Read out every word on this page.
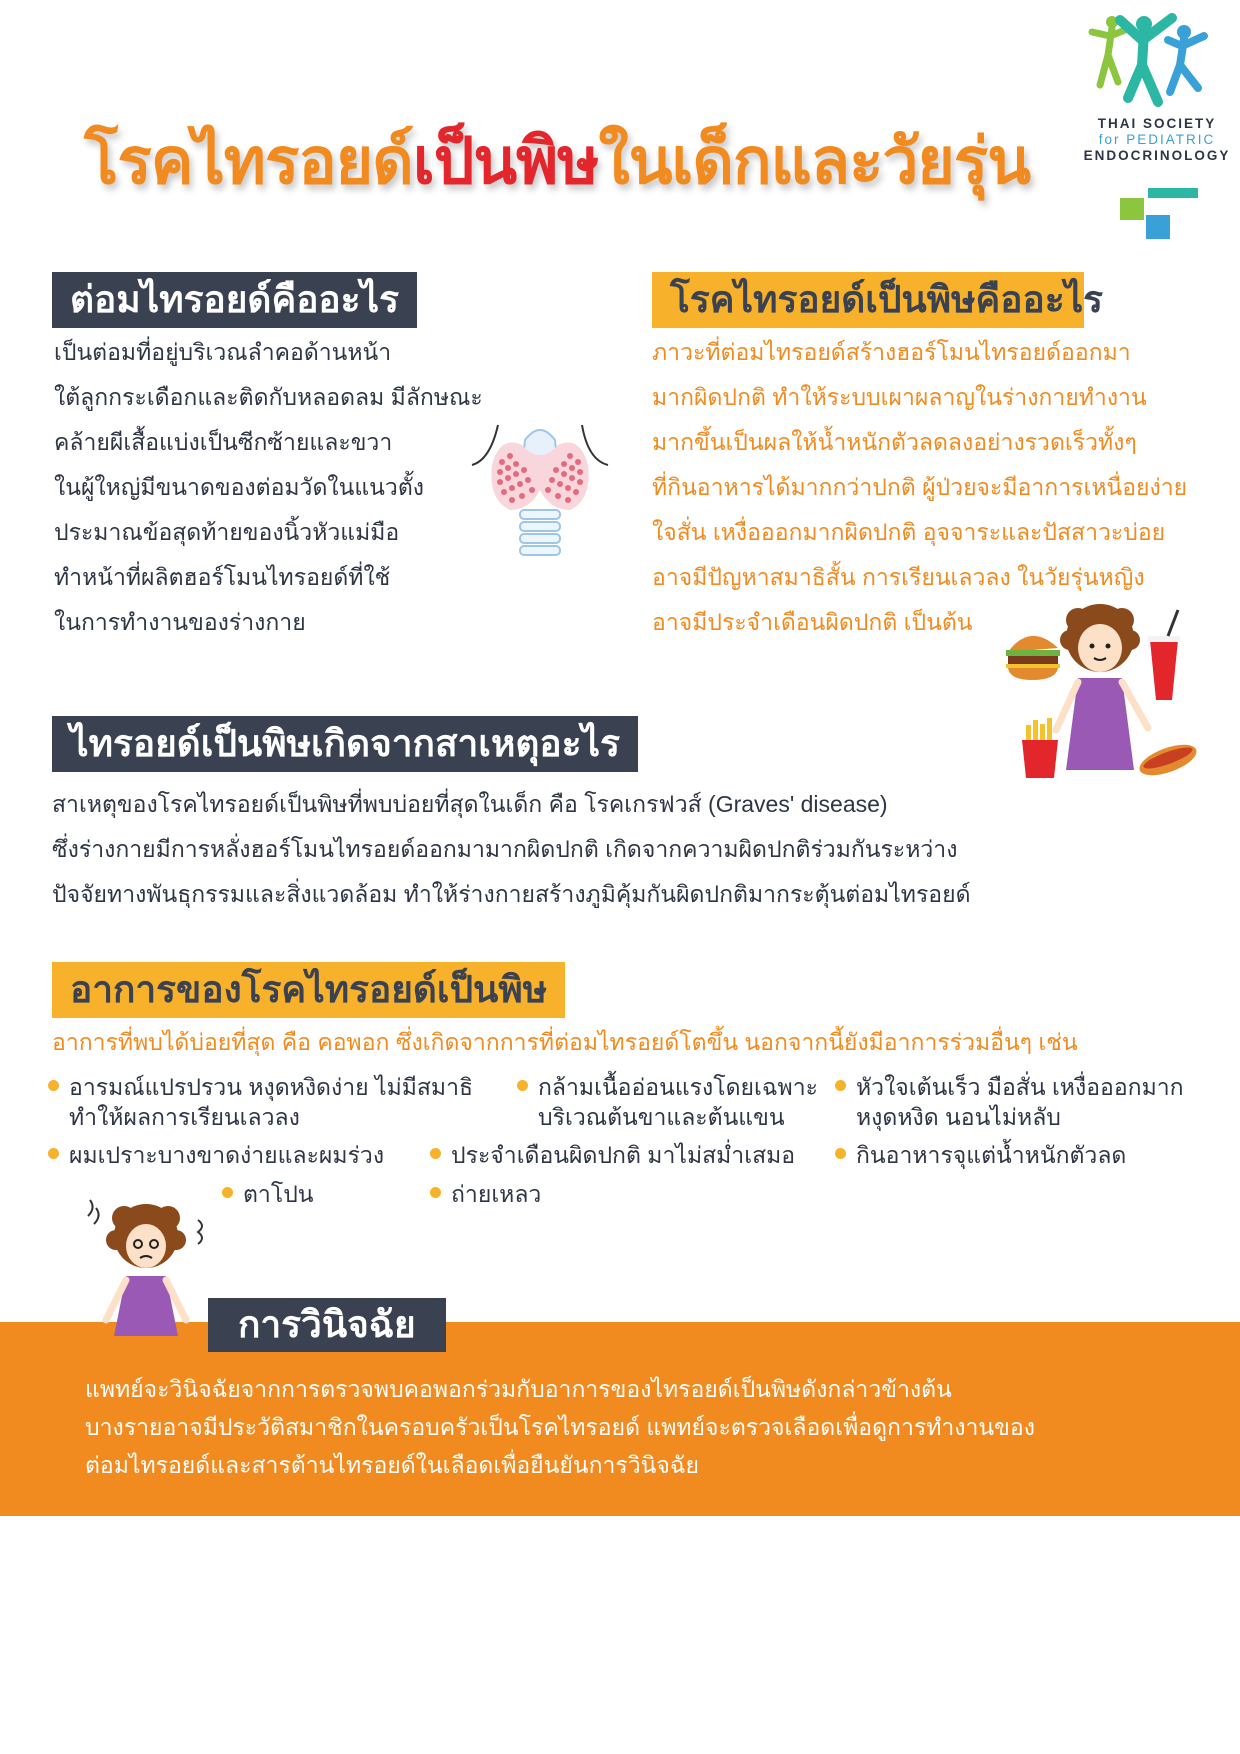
โรคไทรอยด์เป็นพิษในเด็กและวัยรุ่น
THAI SOCIETY
for PEDIATRIC
ENDOCRINOLOGY
ต่อมไทรอยด์คืออะไร
เป็นต่อมที่อยู่บริเวณลำคอด้านหน้า
ใต้ลูกกระเดือกและติดกับหลอดลม มีลักษณะ
คล้ายผีเสื้อแบ่งเป็นซีกซ้ายและขวา
ในผู้ใหญ่มีขนาดของต่อมวัดในแนวตั้ง
ประมาณข้อสุดท้ายของนิ้วหัวแม่มือ
ทำหน้าที่ผลิตฮอร์โมนไทรอยด์ที่ใช้
ในการทำงานของร่างกาย
โรคไทรอยด์เป็นพิษคืออะไร
ภาวะที่ต่อมไทรอยด์สร้างฮอร์โมนไทรอยด์ออกมา
มากผิดปกติ ทำให้ระบบเผาผลาญในร่างกายทำงาน
มากขึ้นเป็นผลให้น้ำหนักตัวลดลงอย่างรวดเร็วทั้งๆ
ที่กินอาหารได้มากกว่าปกติ ผู้ป่วยจะมีอาการเหนื่อยง่าย
ใจสั่น เหงื่อออกมากผิดปกติ อุจจาระและปัสสาวะบ่อย
อาจมีปัญหาสมาธิสั้น การเรียนเลวลง ในวัยรุ่นหญิง
อาจมีประจำเดือนผิดปกติ เป็นต้น
ไทรอยด์เป็นพิษเกิดจากสาเหตุอะไร
สาเหตุของโรคไทรอยด์เป็นพิษที่พบบ่อยที่สุดในเด็ก คือ โรคเกรฟวส์ (Graves' disease)
ซึ่งร่างกายมีการหลั่งฮอร์โมนไทรอยด์ออกมามากผิดปกติ เกิดจากความผิดปกติร่วมกันระหว่าง
ปัจจัยทางพันธุกรรมและสิ่งแวดล้อม ทำให้ร่างกายสร้างภูมิคุ้มกันผิดปกติมากระตุ้นต่อมไทรอยด์
อาการของโรคไทรอยด์เป็นพิษ
อาการที่พบได้บ่อยที่สุด คือ คอพอก ซึ่งเกิดจากการที่ต่อมไทรอยด์โตขึ้น นอกจากนี้ยังมีอาการร่วมอื่นๆ เช่น
อารมณ์แปรปรวน หงุดหงิดง่าย ไม่มีสมาธิ
ทำให้ผลการเรียนเลวลง
กล้ามเนื้ออ่อนแรงโดยเฉพาะ
บริเวณต้นขาและต้นแขน
หัวใจเต้นเร็ว มือสั่น เหงื่อออกมาก
หงุดหงิด นอนไม่หลับ
ผมเปราะบางขาดง่ายและผมร่วง	ประจำเดือนผิดปกติ มาไม่สม่ำเสมอ	กินอาหารจุแต่น้ำหนักตัวลด
ตาโปน	ถ่ายเหลว
การวินิจฉัย
แพทย์จะวินิจฉัยจากการตรวจพบคอพอกร่วมกับอาการของไทรอยด์เป็นพิษดังกล่าวข้างต้น
บางรายอาจมีประวัติสมาชิกในครอบครัวเป็นโรคไทรอยด์ แพทย์จะตรวจเลือดเพื่อดูการทำงานของ
ต่อมไทรอยด์และสารต้านไทรอยด์ในเลือดเพื่อยืนยันการวินิจฉัย
